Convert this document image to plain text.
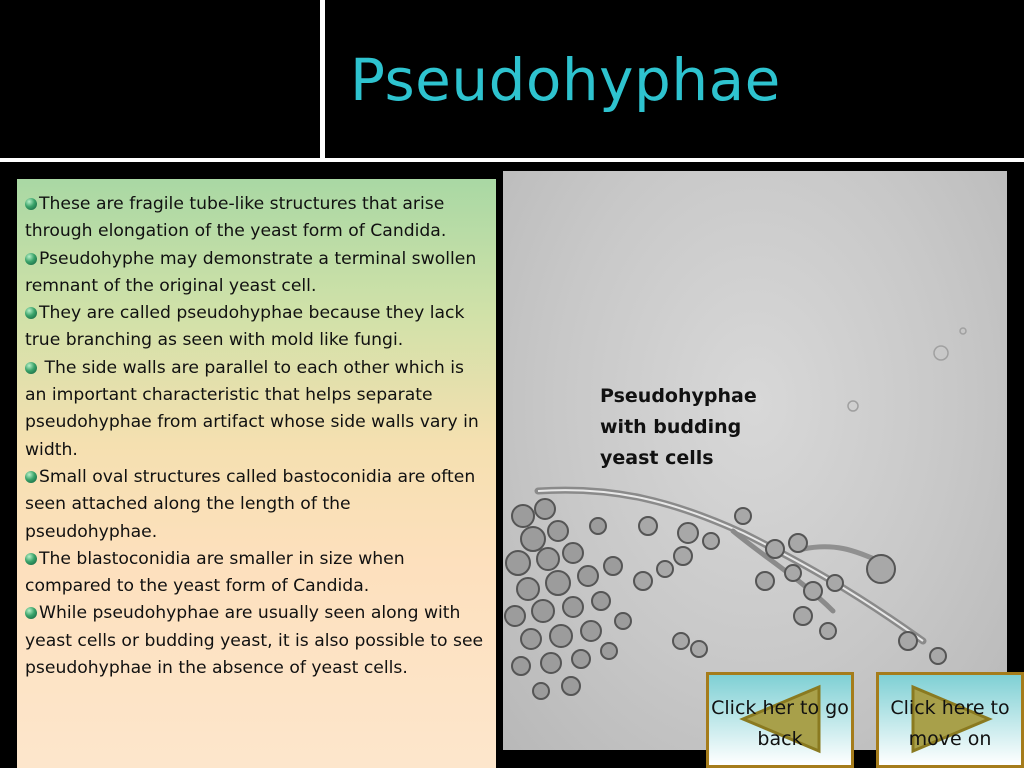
Pseudohyphae
These are fragile tube-like structures that arise through elongation of the yeast form of Candida.
Pseudohyphe may demonstrate a terminal swollen remnant of the original yeast cell.
They are called pseudohyphae because they lack true branching as seen with mold like fungi.
The side walls are parallel to each other which is an important characteristic that helps separate pseudohyphae from artifact whose side walls vary in width.
Small oval structures called bastoconidia are often seen attached along the length of the pseudohyphae.
The blastoconidia are smaller in size when compared to the yeast form of Candida.
While pseudohyphae are usually seen along with yeast cells or budding yeast, it is also possible to see pseudohyphae in the absence of yeast cells.
Pseudohyphae with budding yeast cells
Click her to go back
Click here to move on
